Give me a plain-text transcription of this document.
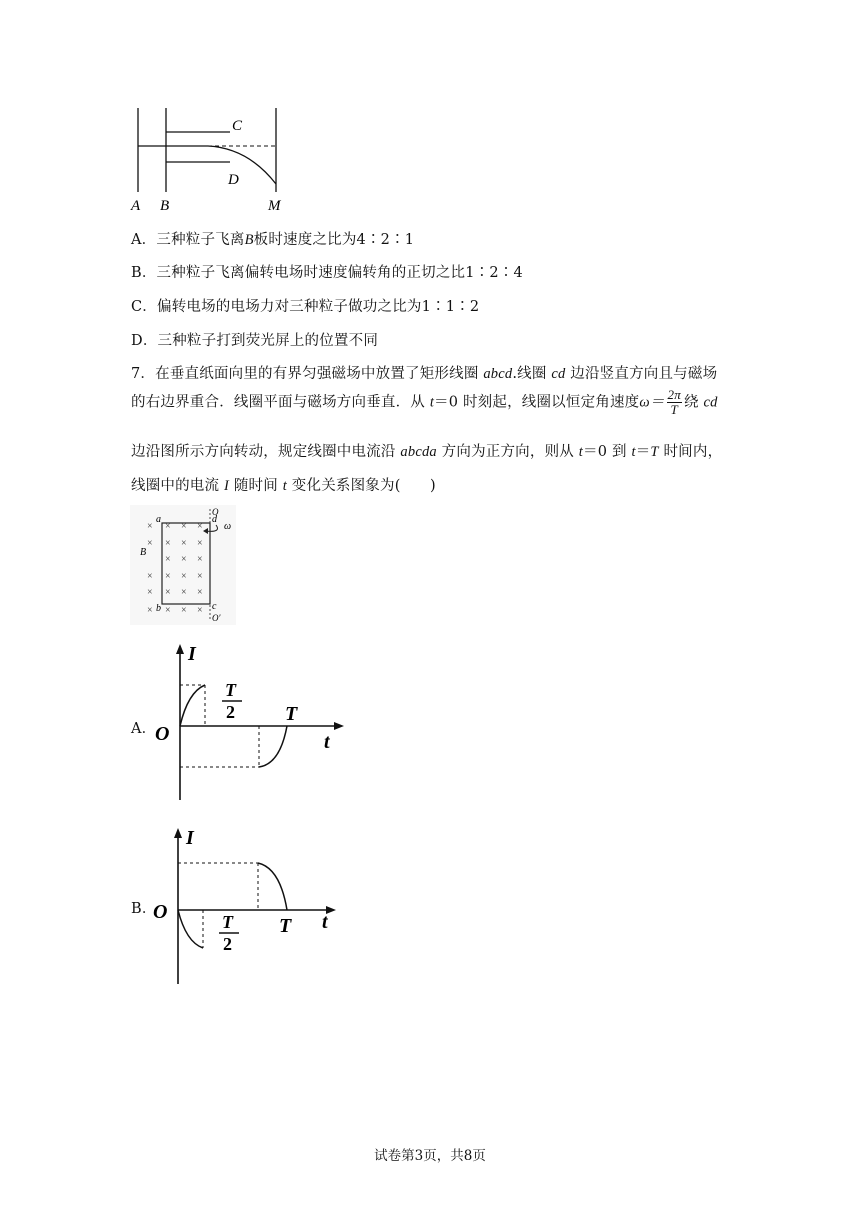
C
D
A B	M
A．三种粒子飞离B板时速度之比为4∶2∶1
B．三种粒子飞离偏转电场时速度偏转角的正切之比1∶2∶4
C．偏转电场的电场力对三种粒子做功之比为1∶1∶2
D．三种粒子打到荧光屏上的位置不同
7．在垂直纸面向里的有界匀强磁场中放置了矩形线圈 abcd.线圈 cd 边沿竖直方向且与磁场
的右边界重合．线圈平面与磁场方向垂直．从 t＝0 时刻起，线圈以恒定角速度$\omega= \frac{2\pi}{T}$ 绕 cd
边沿图所示方向转动，规定线圈中电流沿 abcda 方向为正方向，则从 t＝0 到 t＝T 时间内，
线圈中的电流 I 随时间 t 变化关系图象为(　　)
× × × ×
× × × ×
× × ×
× × × ×
× × × ×
× × × ×
a	d
O
ω
B
b	c
O′
A．
I
O	t
T
2	T
B．
I
O	t
T
2
T
试卷第3页，共8页
